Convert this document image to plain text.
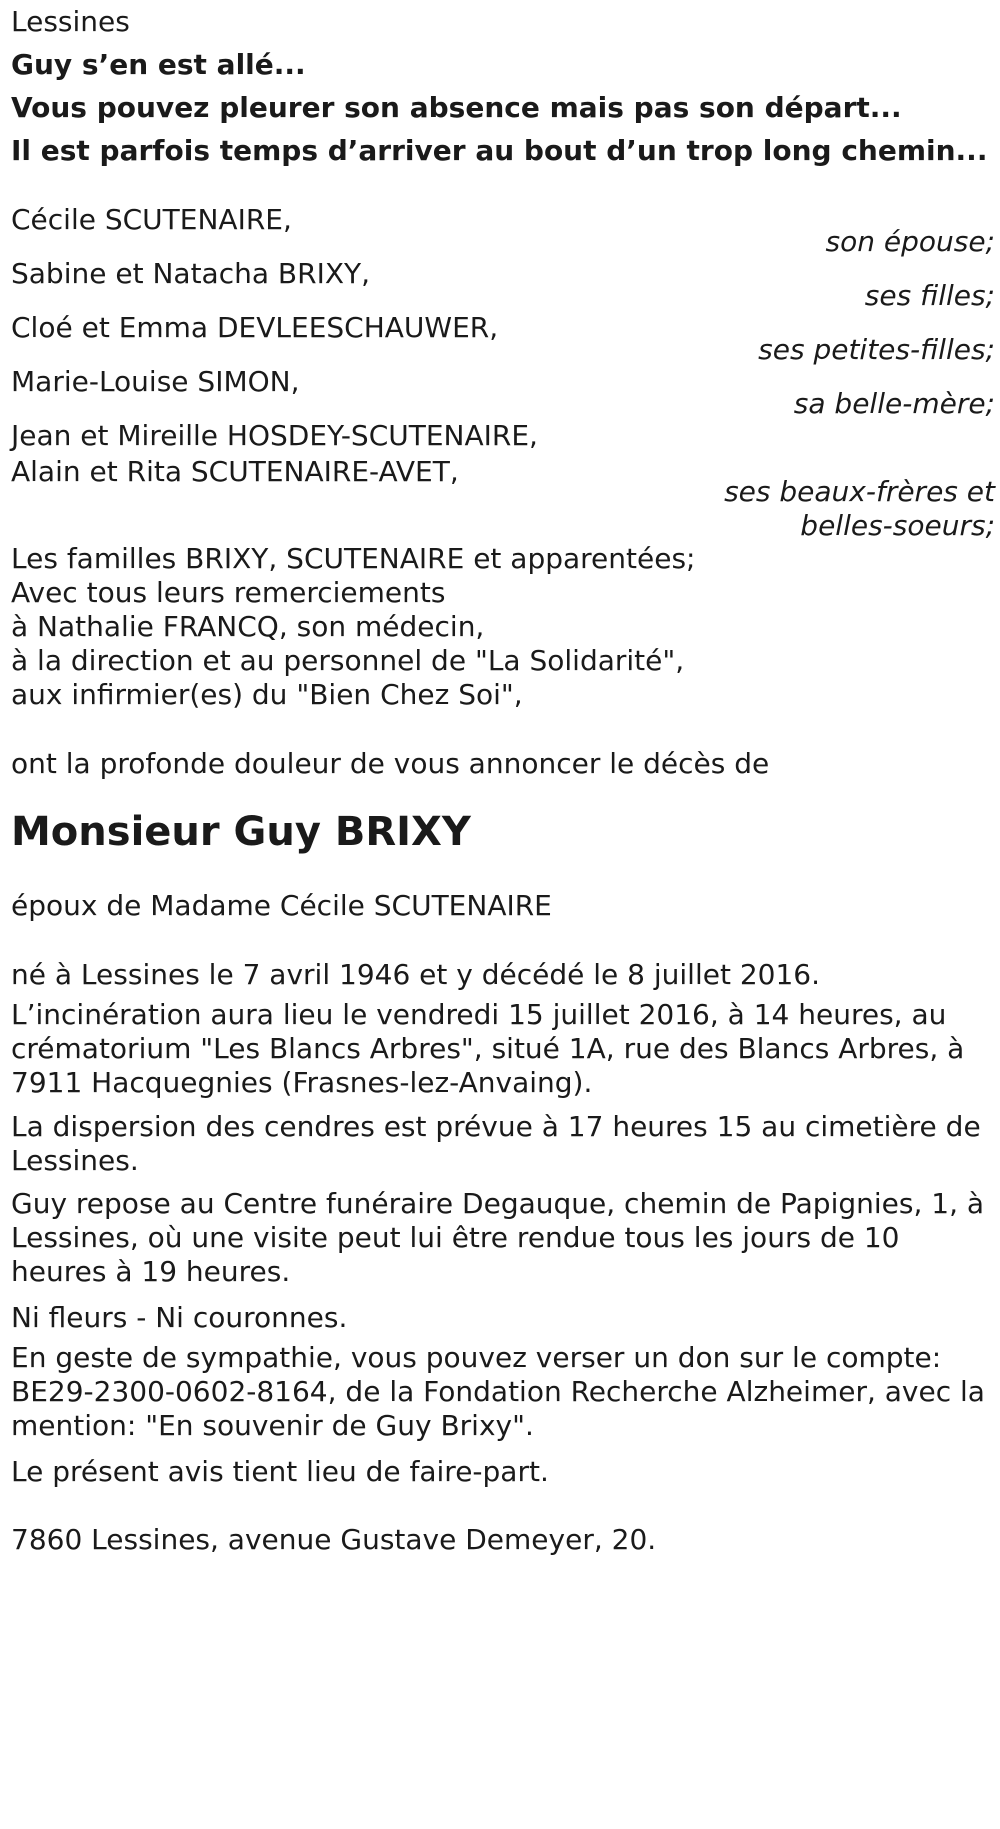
Lessines
Guy s’en est allé...
Vous pouvez pleurer son absence mais pas son départ...
Il est parfois temps d’arriver au bout d’un trop long chemin...
Cécile SCUTENAIRE,
son épouse;
Sabine et Natacha BRIXY,
ses filles;
Cloé et Emma DEVLEESCHAUWER,
ses petites-filles;
Marie-Louise SIMON,
sa belle-mère;
Jean et Mireille HOSDEY-SCUTENAIRE,
Alain et Rita SCUTENAIRE-AVET,
ses beaux-frères et
belles-soeurs;
Les familles BRIXY, SCUTENAIRE et apparentées;
Avec tous leurs remerciements
à Nathalie FRANCQ, son médecin,
à la direction et au personnel de "La Solidarité",
aux infirmier(es) du "Bien Chez Soi",
ont la profonde douleur de vous annoncer le décès de
Monsieur Guy BRIXY
époux de Madame Cécile SCUTENAIRE
né à Lessines le 7 avril 1946 et y décédé le 8 juillet 2016.
L’incinération aura lieu le vendredi 15 juillet 2016, à 14 heures, au crématorium "Les Blancs Arbres", situé 1A, rue des Blancs Arbres, à 7911 Hacquegnies (Frasnes-lez-Anvaing).
La dispersion des cendres est prévue à 17 heures 15 au cimetière de Lessines.
Guy repose au Centre funéraire Degauque, chemin de Papignies, 1, à Lessines, où une visite peut lui être rendue tous les jours de 10 heures à 19 heures.
Ni fleurs - Ni couronnes.
En geste de sympathie, vous pouvez verser un don sur le compte: BE29-2300-0602-8164, de la Fondation Recherche Alzheimer, avec la mention: "En souvenir de Guy Brixy".
Le présent avis tient lieu de faire-part.
7860 Lessines, avenue Gustave Demeyer, 20.
